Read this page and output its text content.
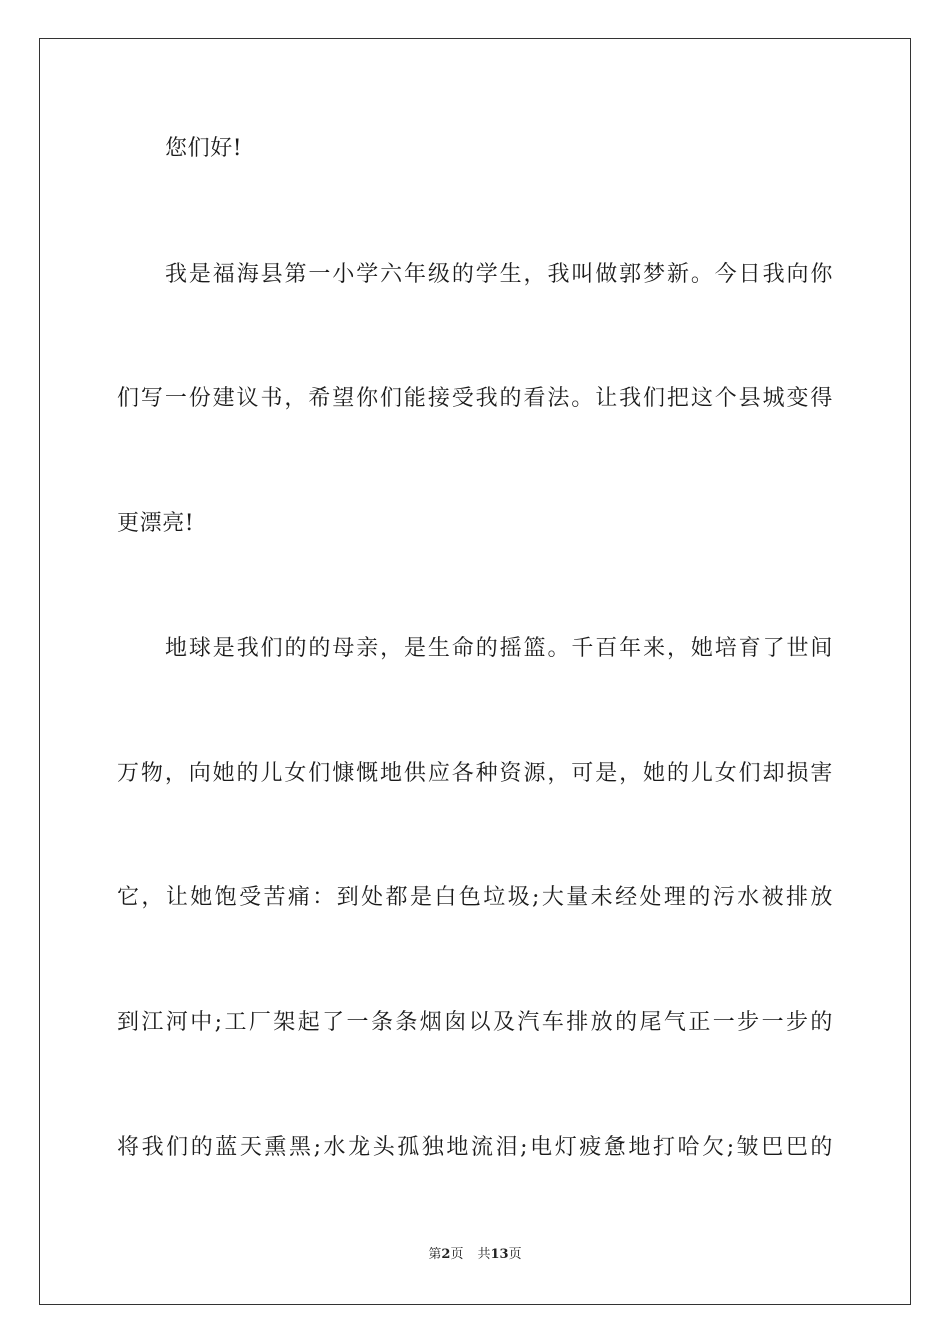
您们好!
我是福海县第一小学六年级的学生，我叫做郭梦新。今日我向你
们写一份建议书，希望你们能接受我的看法。让我们把这个县城变得
更漂亮!
地球是我们的的母亲，是生命的摇篮。千百年来，她培育了世间
万物，向她的儿女们慷慨地供应各种资源，可是，她的儿女们却损害
它，让她饱受苦痛：到处都是白色垃圾;大量未经处理的污水被排放
到江河中;工厂架起了一条条烟囱以及汽车排放的尾气正一步一步的
将我们的蓝天熏黑;水龙头孤独地流泪;电灯疲惫地打哈欠;皱巴巴的
第2页 共13页
